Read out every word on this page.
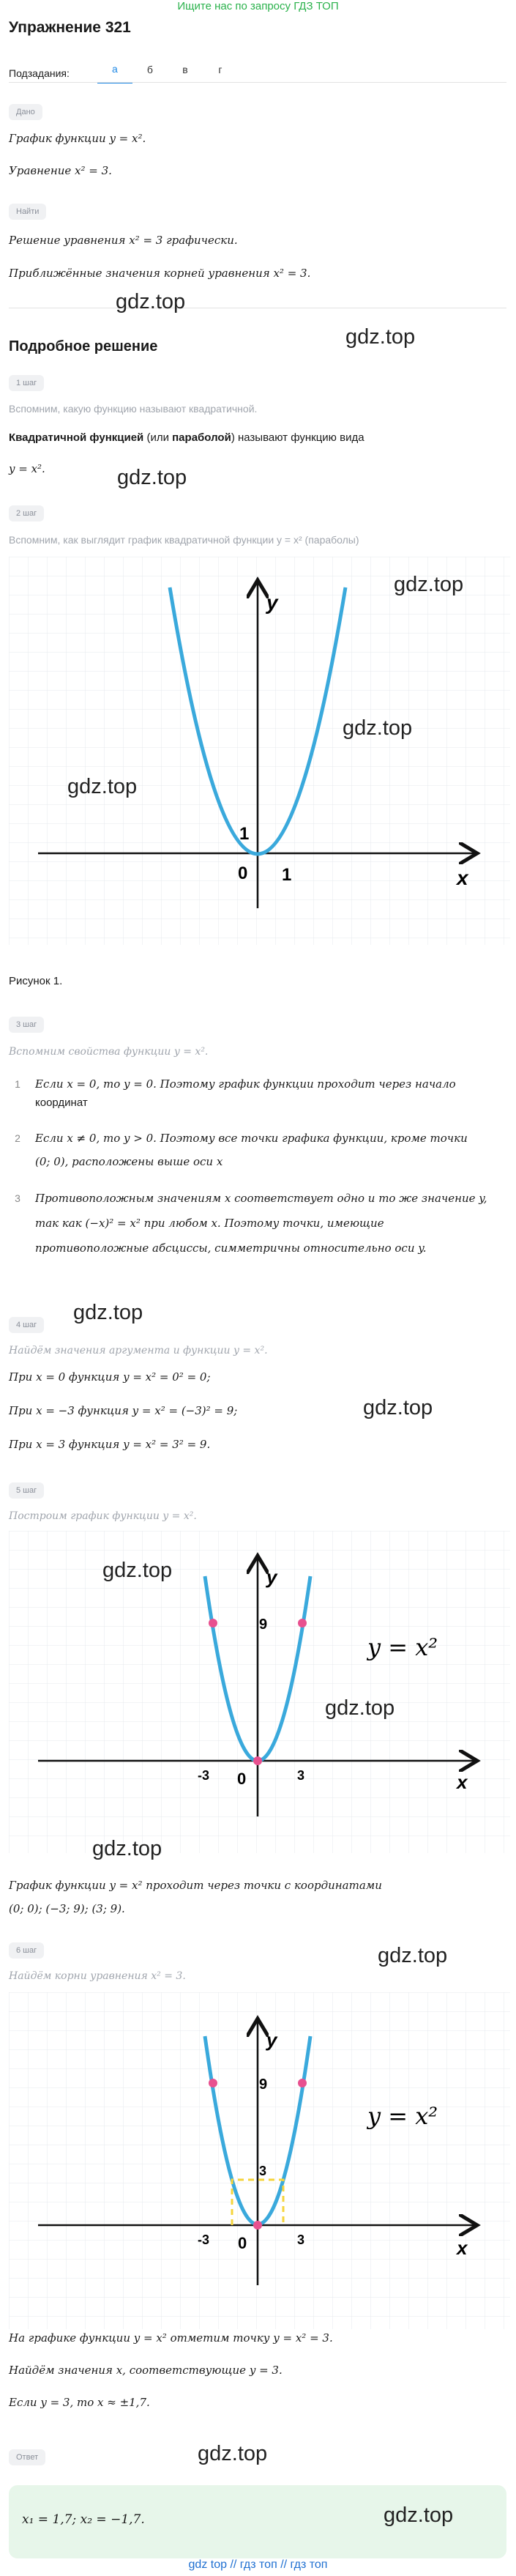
Ищите нас по запросу ГДЗ ТОП
Упражнение 321
Подзадания:	а	б	в	г
Дано
График функции y = x².
Уравнение x² = 3.
Найти
Решение уравнения x² = 3 графически.
Приближённые значения корней уравнения x² = 3.
gdz.top
gdz.top
Подробное решение
1 шаг
Вспомним, какую функцию называют квадратичной.
Квадратичной функцией (или параболой) называют функцию вида
y = x².	gdz.top
2 шаг
Вспомним, как выглядит график квадратичной функции y = x² (параболы)
y
x
0 1
1
gdz.top
gdz.top
gdz.top
Рисунок 1.
3 шаг
Вспомним свойства функции y = x².
1	Если x = 0, то y = 0. Поэтому график функции проходит через начало
координат
2	Если x ≠ 0, то y > 0. Поэтому все точки графика функции, кроме точки
(0; 0), расположены выше оси x
3	Противоположным значениям x соответствует одно и то же значение y,
так как (−x)² = x² при любом x. Поэтому точки, имеющие
противоположные абсциссы, симметричны относительно оси y.
gdz.top
4 шаг
Найдём значения аргумента и функции y = x².
При x = 0 функция y = x² = 0² = 0;
При x = −3 функция y = x² = (−3)² = 9;
При x = 3 функция y = x² = 3² = 9.
gdz.top
5 шаг
Построим график функции y = x².
y
x
0
-3	3
9
y = x²
gdz.top
gdz.top
gdz.top
График функции y = x² проходит через точки с координатами
(0; 0); (−3; 9); (3; 9).
6 шаг	gdz.top
Найдём корни уравнения x² = 3.
y
x
0
-3	3
9
3
y = x²
На графике функции y = x² отметим точку y = x² = 3.
Найдём значения x, соответствующие y = 3.
Если y = 3, то x ≈ ±1,7.
gdz.top
Ответ
x₁ = 1,7; x₂ = −1,7.	gdz.top
gdz top // гдз топ // гдз топ
